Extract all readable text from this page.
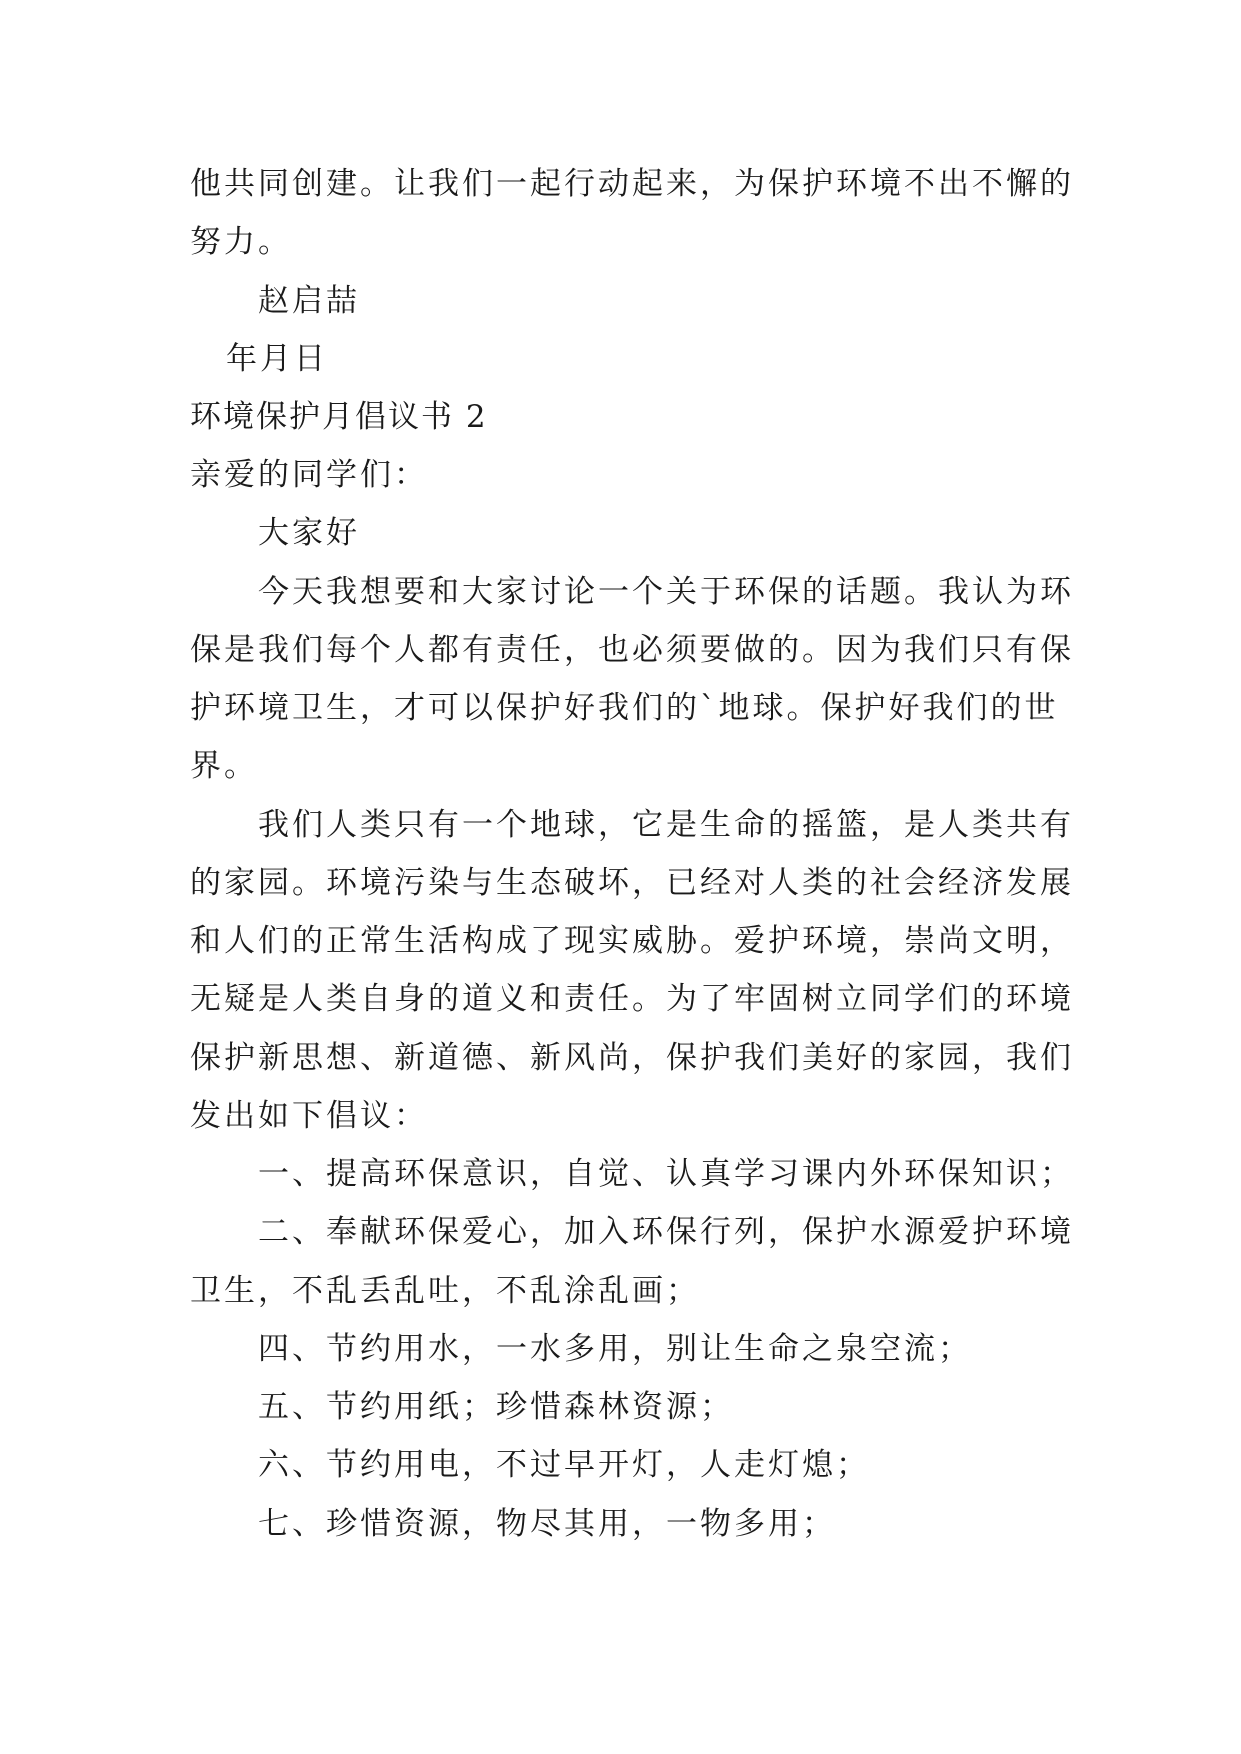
他共同创建。让我们一起行动起来，为保护环境不出不懈的
努力。
赵启喆
年月日
环境保护月倡议书 2
亲爱的同学们：
大家好
今天我想要和大家讨论一个关于环保的话题。我认为环
保是我们每个人都有责任，也必须要做的。因为我们只有保
护环境卫生，才可以保护好我们的`地球。保护好我们的世
界。
我们人类只有一个地球，它是生命的摇篮，是人类共有
的家园。环境污染与生态破坏，已经对人类的社会经济发展
和人们的正常生活构成了现实威胁。爱护环境，崇尚文明，
无疑是人类自身的道义和责任。为了牢固树立同学们的环境
保护新思想、新道德、新风尚，保护我们美好的家园，我们
发出如下倡议：
一、提高环保意识，自觉、认真学习课内外环保知识；
二、奉献环保爱心，加入环保行列，保护水源爱护环境
卫生，不乱丢乱吐，不乱涂乱画；
四、节约用水，一水多用，别让生命之泉空流；
五、节约用纸；珍惜森林资源；
六、节约用电，不过早开灯，人走灯熄；
七、珍惜资源，物尽其用，一物多用；
